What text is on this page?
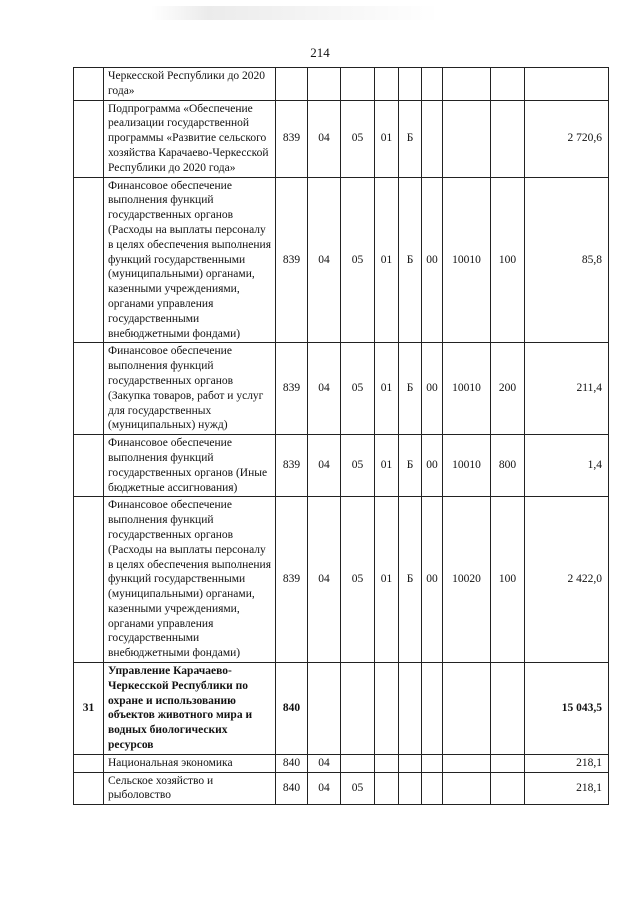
214
	Черкесской Республики до 2020 года»									
	Подпрограмма «Обеспечение реализации государственной программы «Развитие сельского хозяйства Карачаево-Черкесской Республики до 2020 года»	839	04	05	01	Б				2 720,6
	Финансовое обеспечение выполнения функций государственных органов (Расходы на выплаты персоналу в целях обеспечения выполнения функций государственными (муниципальными) органами, казенными учреждениями, органами управления государственными внебюджетными фондами)	839	04	05	01	Б	00	10010	100	85,8
	Финансовое обеспечение выполнения функций государственных органов (Закупка товаров, работ и услуг для государственных (муниципальных) нужд)	839	04	05	01	Б	00	10010	200	211,4
	Финансовое обеспечение выполнения функций государственных органов (Иные бюджетные ассигнования)	839	04	05	01	Б	00	10010	800	1,4
	Финансовое обеспечение выполнения функций государственных органов (Расходы на выплаты персоналу в целях обеспечения выполнения функций государственными (муниципальными) органами, казенными учреждениями, органами управления государственными внебюджетными фондами)	839	04	05	01	Б	00	10020	100	2 422,0
31	Управление Карачаево-Черкесской Республики по охране и использованию объектов животного мира и водных биологических ресурсов	840								15 043,5
	Национальная экономика	840	04							218,1
	Сельское хозяйство и рыболовство	840	04	05						218,1
